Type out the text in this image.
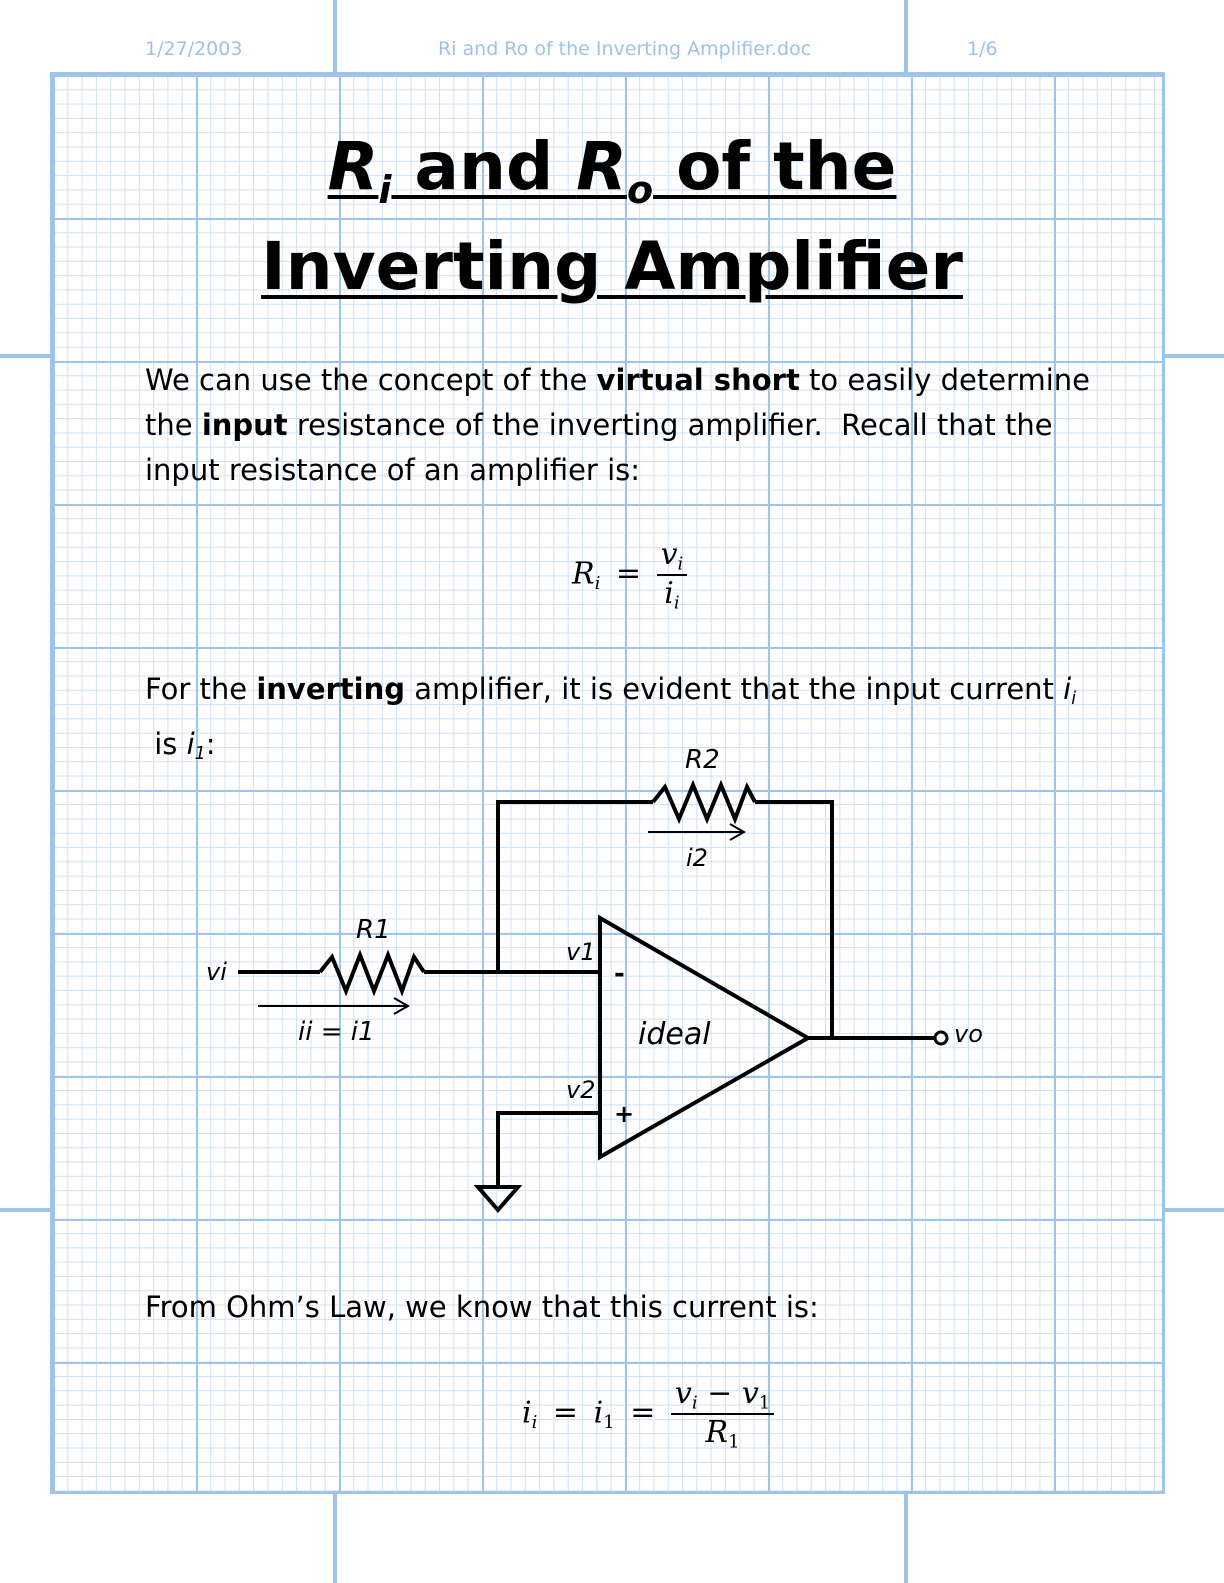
1/27/2003	Ri and Ro of the Inverting Amplifier.doc	1/6
$R_i$ and $R_o$ of the
Inverting Amplifier
We can use the concept of the virtual short to easily determine the input resistance of the inverting amplifier.  Recall that the input resistance of an amplifier is:
$R_i = \frac{v_i}{i_i}$
For the inverting amplifier, it is evident that the input current $i_i$ is $i_1$:	R2
i2
R1
vi
ii = i1
v1
v2
-
+
ideal	vo
From Ohm’s Law, we know that this current is:
$i_i = i_1 = \frac{v_i - v_1}{R_1}$
